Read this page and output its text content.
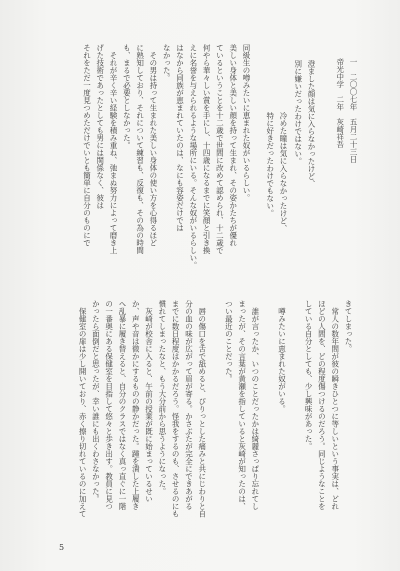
一　二〇〇七年　五月二十三日

帝光中学　二年　灰崎祥吾

澄ました顔は気に入らなかったけど、

別に嫌いだったわけではない。

冷めた瞳は気に入らなかったけど、

特に好きだったわけでもない。

同級生の噂みたいに恵まれた奴がいるらしい。

美しい身体と美しい顔を持って生まれ、その姿かたちが優れ

ているということを十二歳で世間に改めて認められ、十二歳で

何やら華々しい賞を手にし、十四歳になるまでに笑顔と引き換

えに名誉を与えられるような場所にいる。そんな奴がいるらしい。

はなから同族が恵まれていたのは、なにも容姿だけでは

なかった。

　その男は持って生まれた美しい身体の使い方を心得るほど

に熟知しており、それについて練習も、反復も、その為の時間

も、まるで必要としなかった。

　それが辛く辛い経験を積み重ね、弛まぬ努力によって磨き上

げた技術であったとしても男には関係なく、彼は

それをただ一度見つめただけでいとも簡単に自分のものにで

きてしまった。

　常人の数年間が彼の瞬きひとつに等しいという事実は、どれ

ほどの人間を、どの程度傷つけるのだろう。同じようなことを

している自分としても、少し興味があった。

　噂みたいに恵まれた奴がいる。

　誰が言ったか、いつのことだったかは綺麗さっぱり忘れてし

まったが、その言葉が黄瀬を指していると灰崎が知ったのは、

つい最近のことだった。

　唇の傷口を舌で舐めると、ぴりっとした痛みと共にじわりと自

分の血の味が広がって眉が寄る。かさぶたが完全にできあがる

までに数日程度はかかるだろう。怪我をするのも、させるのにも

慣れてしまったなと、もう大分前から思うようになった。

　灰崎が校舎に入ると、午前の授業が既に始まっているせい

か、声や音は微かにするものの静かだった。踵を潰した上履き

へ乱暴に履き替えると、自分のクラスではなく真っ直ぐに一階

の一番奥にある保健室を目指して悠々と歩き出す。教員に見つ

かったら面倒だと思ったが、幸い誰にも出くわさなかった。

　保健室の扉は少し開いており、赤く擦り切れているのに加えて

5
